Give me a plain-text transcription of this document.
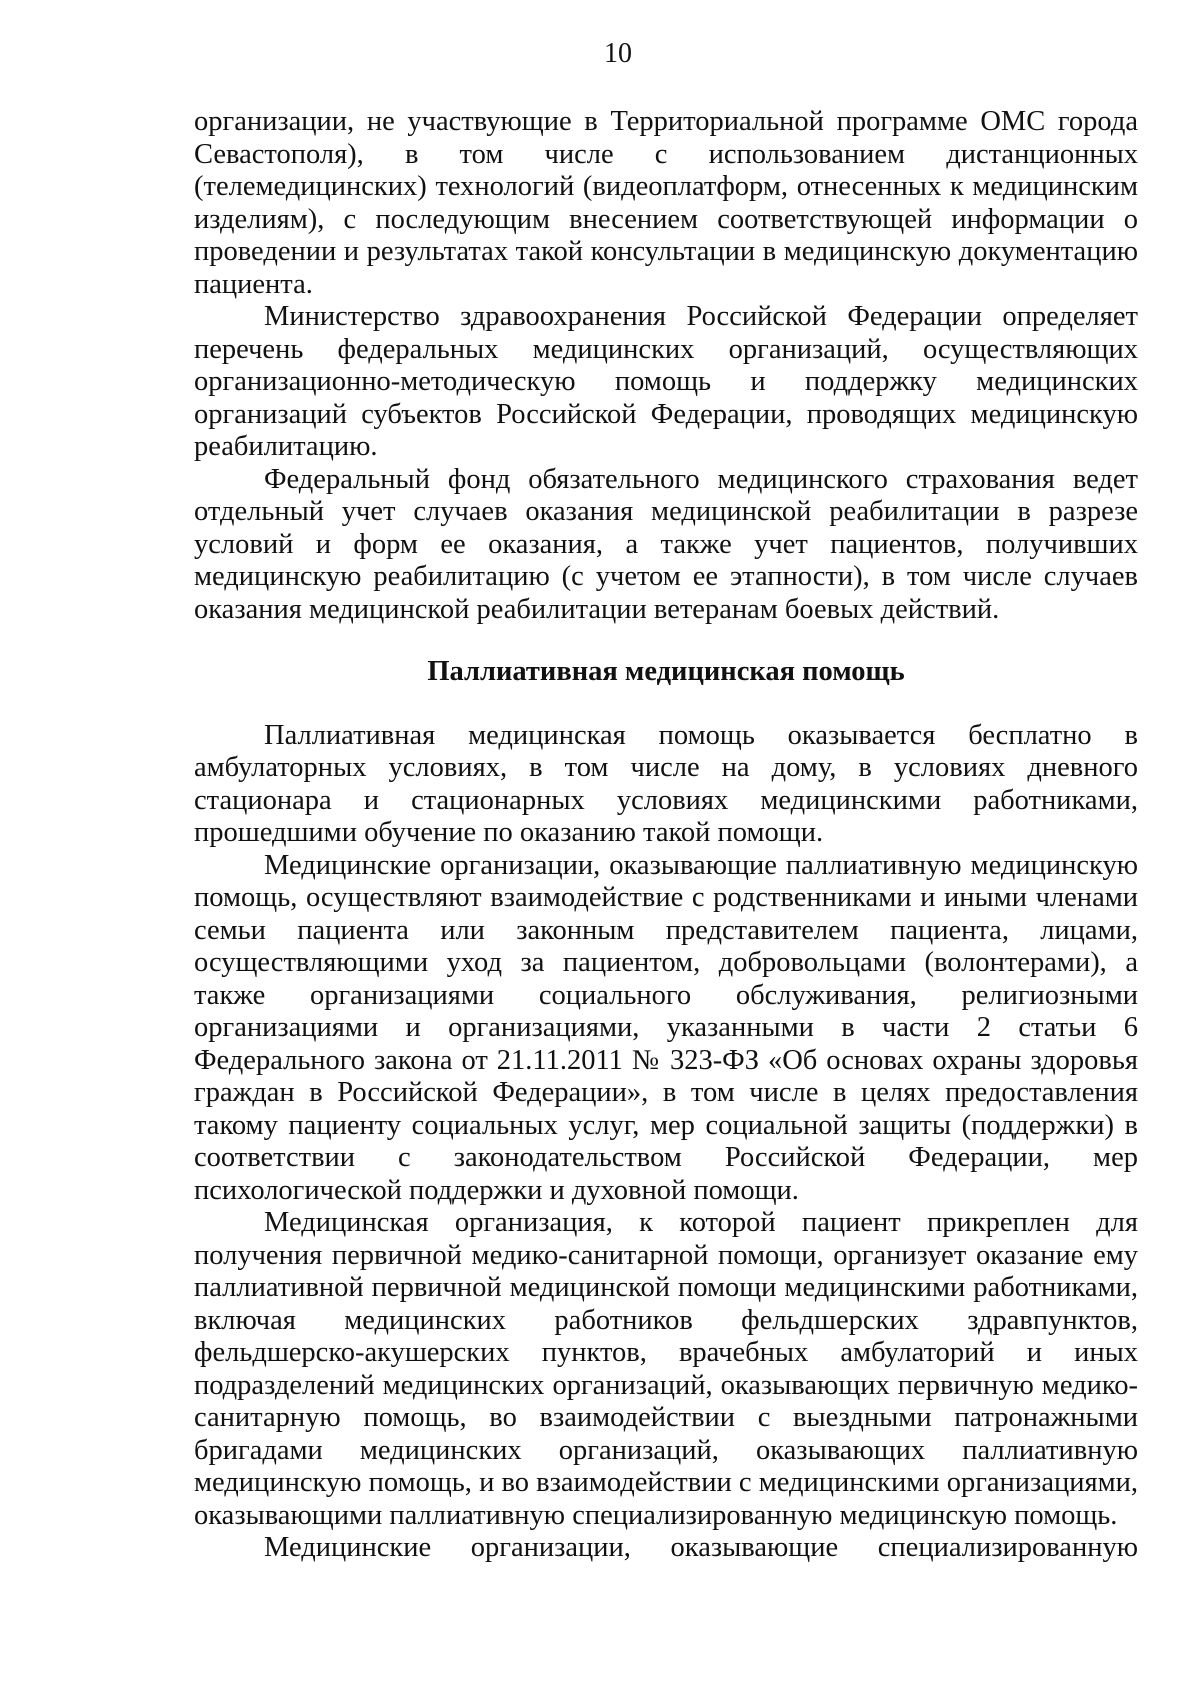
10

организации, не участвующие в Территориальной программе ОМС города Севастополя), в том числе с использованием дистанционных (телемедицинских) технологий (видеоплатформ, отнесенных к медицинским изделиям), с последующим внесением соответствующей информации о проведении и результатах такой консультации в медицинскую документацию пациента.

Министерство здравоохранения Российской Федерации определяет перечень федеральных медицинских организаций, осуществляющих организационно-методическую помощь и поддержку медицинских организаций субъектов Российской Федерации, проводящих медицинскую реабилитацию.

Федеральный фонд обязательного медицинского страхования ведет отдельный учет случаев оказания медицинской реабилитации в разрезе условий и форм ее оказания, а также учет пациентов, получивших медицинскую реабилитацию (с учетом ее этапности), в том числе случаев оказания медицинской реабилитации ветеранам боевых действий.

Паллиативная медицинская помощь

Паллиативная медицинская помощь оказывается бесплатно в амбулаторных условиях, в том числе на дому, в условиях дневного стационара и стационарных условиях медицинскими работниками, прошедшими обучение по оказанию такой помощи.

Медицинские организации, оказывающие паллиативную медицинскую помощь, осуществляют взаимодействие с родственниками и иными членами семьи пациента или законным представителем пациента, лицами, осуществляющими уход за пациентом, добровольцами (волонтерами), а также организациями социального обслуживания, религиозными организациями и организациями, указанными в части 2 статьи 6 Федерального закона от 21.11.2011 № 323-ФЗ «Об основах охраны здоровья граждан в Российской Федерации», в том числе в целях предоставления такому пациенту социальных услуг, мер социальной защиты (поддержки) в соответствии с законодательством Российской Федерации, мер психологической поддержки и духовной помощи.

Медицинская организация, к которой пациент прикреплен для получения первичной медико-санитарной помощи, организует оказание ему паллиативной первичной медицинской помощи медицинскими работниками, включая медицинских работников фельдшерских здравпунктов, фельдшерско-акушерских пунктов, врачебных амбулаторий и иных подразделений медицинских организаций, оказывающих первичную медико-санитарную помощь, во взаимодействии с выездными патронажными бригадами медицинских организаций, оказывающих паллиативную медицинскую помощь, и во взаимодействии с медицинскими организациями, оказывающими паллиативную специализированную медицинскую помощь.

Медицинские организации, оказывающие специализированную
